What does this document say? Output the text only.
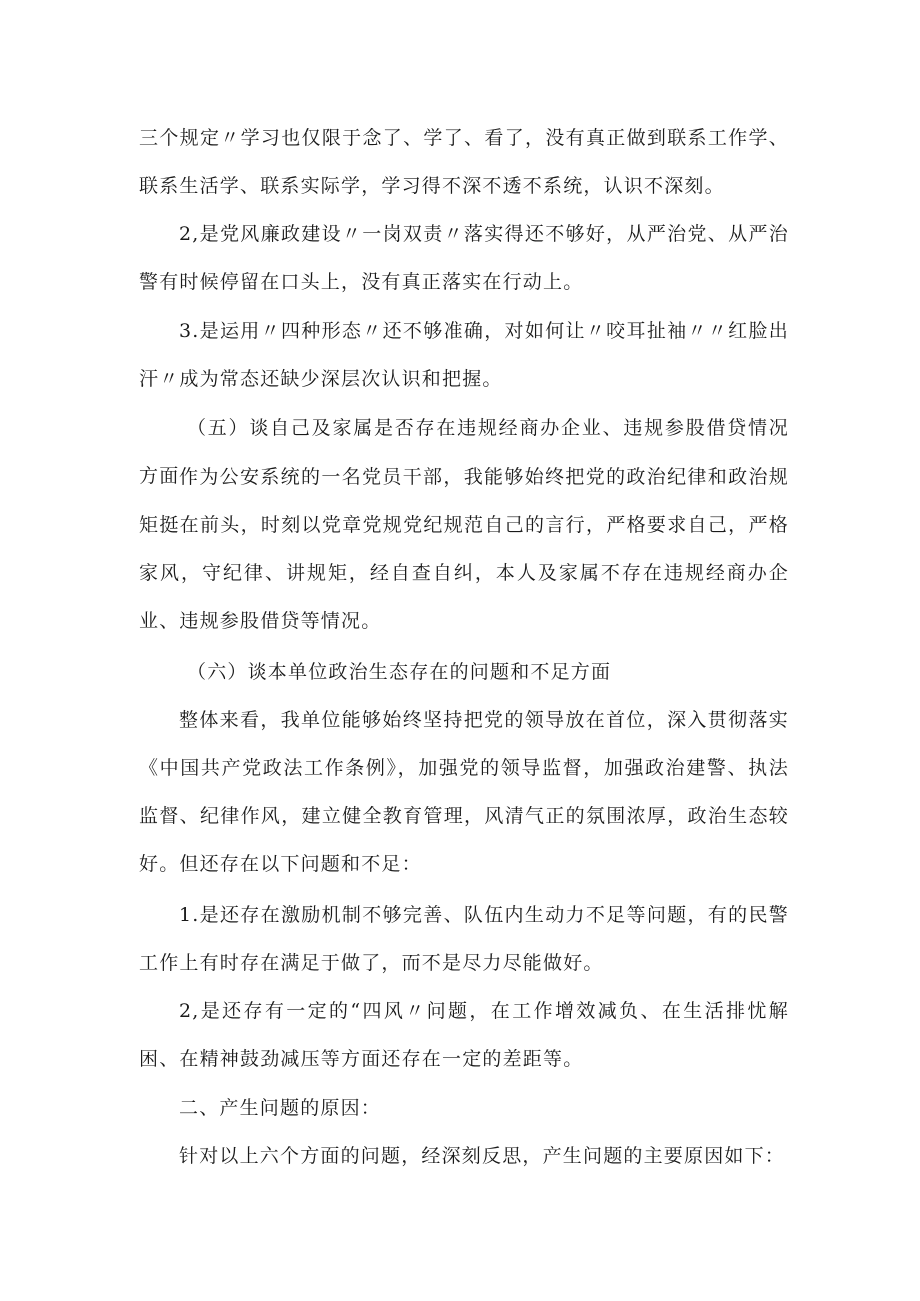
三个规定〃学习也仅限于念了、学了、看了，没有真正做到联系工作学、联系生活学、联系实际学，学习得不深不透不系统，认识不深刻。

2,是党风廉政建设〃一岗双责〃落实得还不够好，从严治党、从严治警有时候停留在口头上，没有真正落实在行动上。

3.是运用〃四种形态〃还不够准确，对如何让〃咬耳扯袖〃〃红脸出汗〃成为常态还缺少深层次认识和把握。

（五）谈自己及家属是否存在违规经商办企业、违规参股借贷情况方面 作为公安系统的一名党员干部，我能够始终把党的政治纪律和政治规矩挺在前头，时刻以党章党规党纪规范自己的言行，严格要求自己，严格家风，守纪律、讲规矩，经自查自纠，本人及家属不存在违规经商办企业、违规参股借贷等情况。

（六）谈本单位政治生态存在的问题和不足方面

整体来看，我单位能够始终坚持把党的领导放在首位，深入贯彻落实《中国共产党政法工作条例》，加强党的领导监督，加强政治建警、执法监督、纪律作风，建立健全教育管理，风清气正的氛围浓厚，政治生态较好。但还存在以下问题和不足：

1.是还存在激励机制不够完善、队伍内生动力不足等问题，有的民警工作上有时存在满足于做了，而不是尽力尽能做好。

2,是还存有一定的“四风〃问题，在工作增效减负、在生活排忧解困、在精神鼓劲减压等方面还存在一定的差距等。

二、产生问题的原因：

针对以上六个方面的问题，经深刻反思，产生问题的主要原因如下：
